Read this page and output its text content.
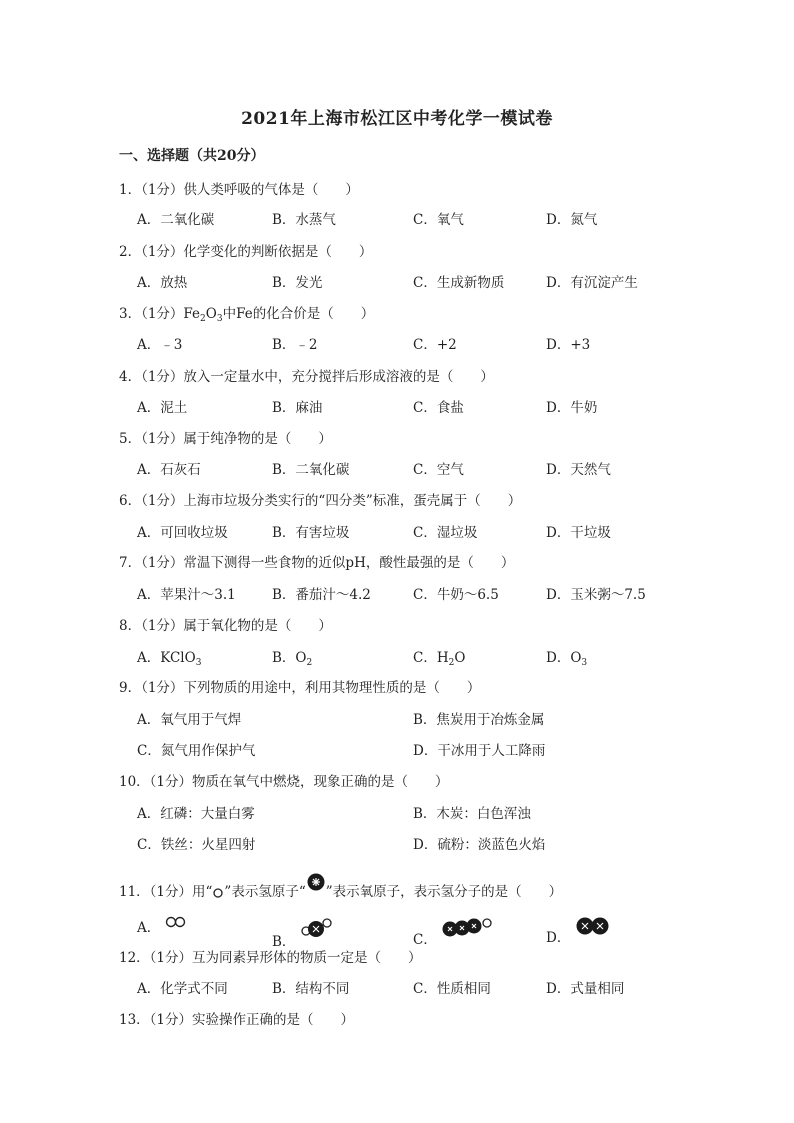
2021年上海市松江区中考化学一模试卷
一、选择题（共20分）
1．（1分）供人类呼吸的气体是（　　）
A．二氧化碳	B．水蒸气	C．氧气	D．氮气
2．（1分）化学变化的判断依据是（　　）
A．放热	B．发光	C．生成新物质	D．有沉淀产生
3．（1分）$Fe_2O_3$中Fe的化合价是（　　）
A．﹣3	B．﹣2	C．+2	D．+3
4．（1分）放入一定量水中，充分搅拌后形成溶液的是（　　）
A．泥土	B．麻油	C．食盐	D．牛奶
5．（1分）属于纯净物的是（　　）
A．石灰石	B．二氧化碳	C．空气	D．天然气
6．（1分）上海市垃圾分类实行的“四分类”标准，蛋壳属于（　　）
A．可回收垃圾	B．有害垃圾	C．湿垃圾	D．干垃圾
7．（1分）常温下测得一些食物的近似pH，酸性最强的是（　　）
A．苹果汁～3.1	B．番茄汁～4.2	C．牛奶～6.5	D．玉米粥～7.5
8．（1分）属于氧化物的是（　　）
A．KClO$_3$	B．$O_2$	C．$H_2O$	D．$O_3$
9．（1分）下列物质的用途中，利用其物理性质的是（　　）
A．氧气用于气焊	B．焦炭用于冶炼金属
C．氮气用作保护气	D．干冰用于人工降雨
10．（1分）物质在氧气中燃烧，现象正确的是（　　）
A．红磷：大量白雾	B．木炭：白色浑浊
C．铁丝：火星四射	D．硫粉：淡蓝色火焰
11．（1分）用“ ”表示氢原子“ ”表示氧原子，表示氢分子的是（　　）
A．
B．	C．	D．
12．（1分）互为同素异形体的物质一定是（　　）
A．化学式不同	B．结构不同	C．性质相同	D．式量相同
13．（1分）实验操作正确的是（　　）
